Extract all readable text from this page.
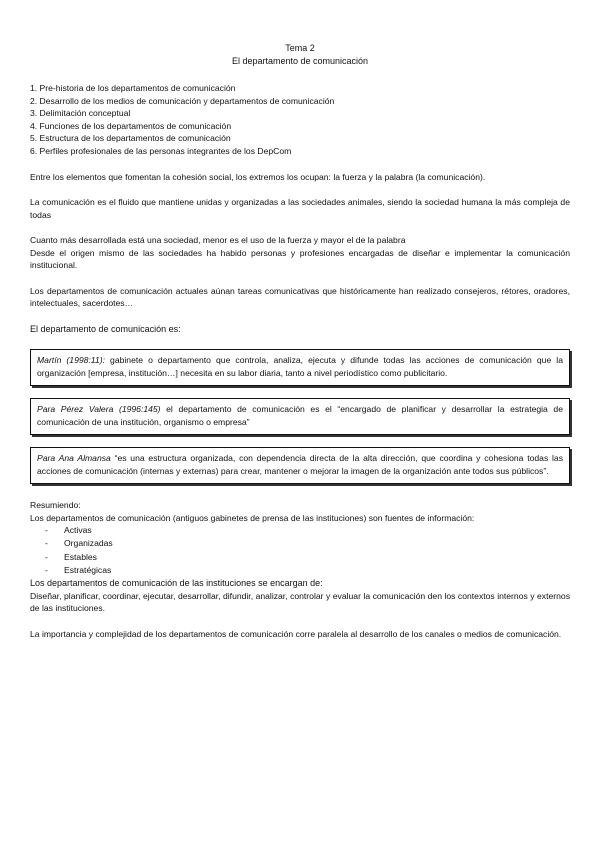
Tema 2
El departamento de comunicación
1. Pre-historia de los departamentos de comunicación
2. Desarrollo de los medios de comunicación y departamentos de comunicación
3. Delimitación conceptual
4. Funciones de los departamentos de comunicación
5. Estructura de los departamentos de comunicación
6. Perfiles profesionales de las personas integrantes de los DepCom
Entre los elementos que fomentan la cohesión social, los extremos los ocupan: la fuerza y la palabra (la comunicación).
La comunicación es el fluido que mantiene unidas y organizadas a las sociedades animales, siendo la sociedad humana la más compleja de todas
Cuanto más desarrollada está una sociedad, menor es el uso de la fuerza y mayor el de la palabra
Desde el origen mismo de las sociedades ha habido personas y profesiones encargadas de diseñar e implementar la comunicación institucional.
Los departamentos de comunicación actuales aúnan tareas comunicativas que históricamente han realizado consejeros, rétores, oradores, intelectuales, sacerdotes…
El departamento de comunicación es:
Martín (1998:11): gabinete o departamento que controla, analiza, ejecuta y difunde todas las acciones de comunicación que la organización [empresa, institución…] necesita en su labor diaria, tanto a nivel periodístico como publicitario.
Para Pérez Valera (1996:145) el departamento de comunicación es el “encargado de planificar y desarrollar la estrategia de comunicación de una institución, organismo o empresa”
Para Ana Almansa “es una estructura organizada, con dependencia directa de la alta dirección, que coordina y cohesiona todas las acciones de comunicación (internas y externas) para crear, mantener o mejorar la imagen de la organización ante todos sus públicos”.
Resumiendo:
Los departamentos de comunicación (antiguos gabinetes de prensa de las instituciones) son fuentes de información:
- Activas
- Organizadas
- Estables
- Estratégicas
Los departamentos de comunicación de las instituciones se encargan de:
Diseñar, planificar, coordinar, ejecutar, desarrollar, difundir, analizar, controlar y evaluar la comunicación den los contextos internos y externos de las instituciones.
La importancia y complejidad de los departamentos de comunicación corre paralela al desarrollo de los canales o medios de comunicación.
